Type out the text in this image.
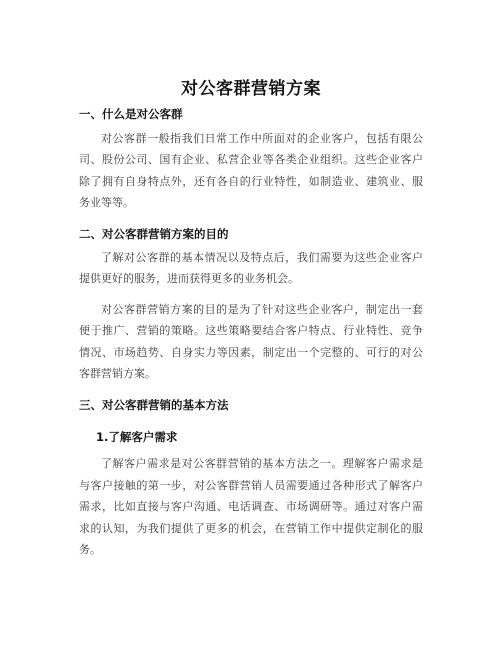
对公客群营销方案
一、什么是对公客群
对公客群一般指我们日常工作中所面对的企业客户，包括有限公
司、股份公司、国有企业、私营企业等各类企业组织。这些企业客户
除了拥有自身特点外，还有各自的行业特性，如制造业、建筑业、服
务业等等。
二、对公客群营销方案的目的
了解对公客群的基本情况以及特点后，我们需要为这些企业客户
提供更好的服务，进而获得更多的业务机会。
对公客群营销方案的目的是为了针对这些企业客户，制定出一套
便于推广、营销的策略。这些策略要结合客户特点、行业特性、竞争
情况、市场趋势、自身实力等因素，制定出一个完整的、可行的对公
客群营销方案。
三、对公客群营销的基本方法
1.了解客户需求
了解客户需求是对公客群营销的基本方法之一。理解客户需求是
与客户接触的第一步，对公客群营销人员需要通过各种形式了解客户
需求，比如直接与客户沟通、电话调查、市场调研等。通过对客户需
求的认知，为我们提供了更多的机会，在营销工作中提供定制化的服
务。
